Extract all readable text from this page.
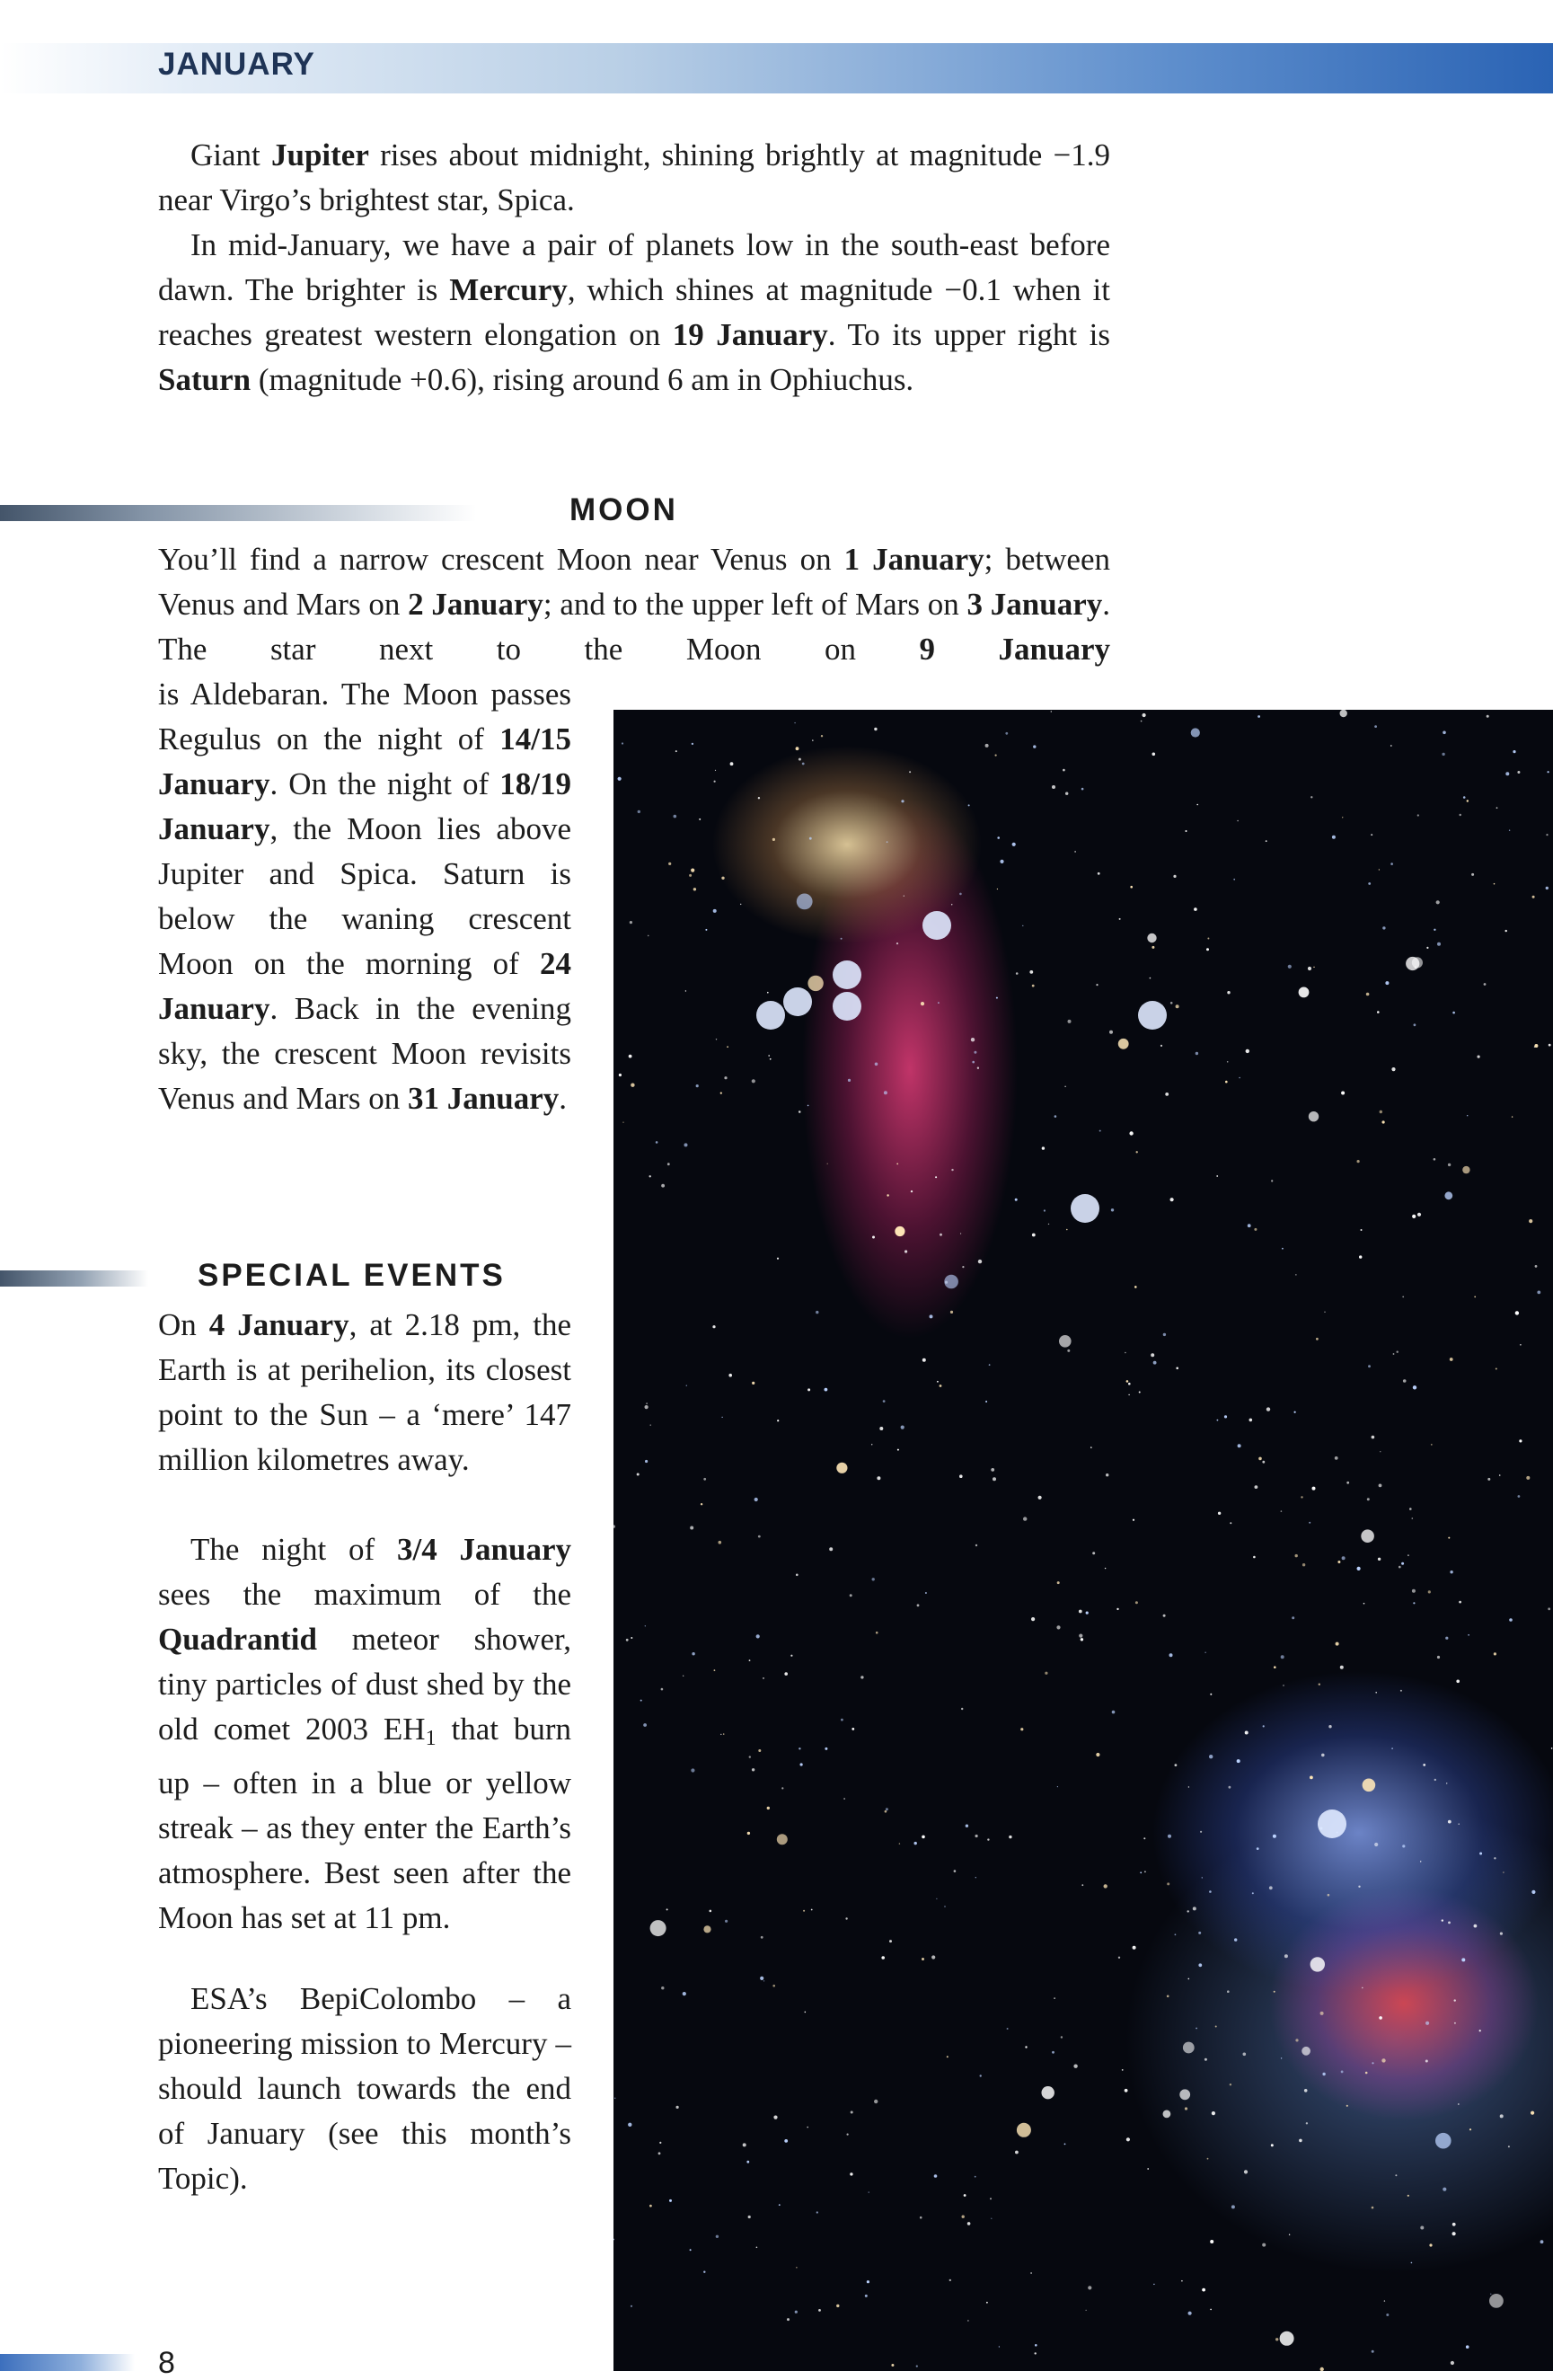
JANUARY

Giant Jupiter rises about midnight, shining brightly at magnitude −1.9 near Virgo’s brightest star, Spica.

In mid-January, we have a pair of planets low in the south-east before dawn. The brighter is Mercury, which shines at magnitude −0.1 when it reaches greatest western elongation on 19 January. To its upper right is Saturn (magnitude +0.6), rising around 6 am in Ophiuchus.

MOON

You’ll find a narrow crescent Moon near Venus on 1 January; between Venus and Mars on 2 January; and to the upper left of Mars on 3 January. The star next to the Moon on 9 January

is Aldebaran. The Moon passes Regulus on the night of 14/15 January. On the night of 18/19 January, the Moon lies above Jupiter and Spica. Saturn is below the waning crescent Moon on the morning of 24 January. Back in the evening sky, the crescent Moon revisits Venus and Mars on 31 January.

SPECIAL EVENTS

On 4 January, at 2.18 pm, the Earth is at perihelion, its closest point to the Sun – a ‘mere’ 147 million kilometres away.

The night of 3/4 January sees the maximum of the Quadrantid meteor shower, tiny particles of dust shed by the old comet 2003 $EH_1$ that burn up – often in a blue or yellow streak – as they enter the Earth’s atmosphere. Best seen after the Moon has set at 11 pm.

ESA’s BepiColombo – a pioneering mission to Mercury – should launch towards the end of January (see this month’s Topic).

8
